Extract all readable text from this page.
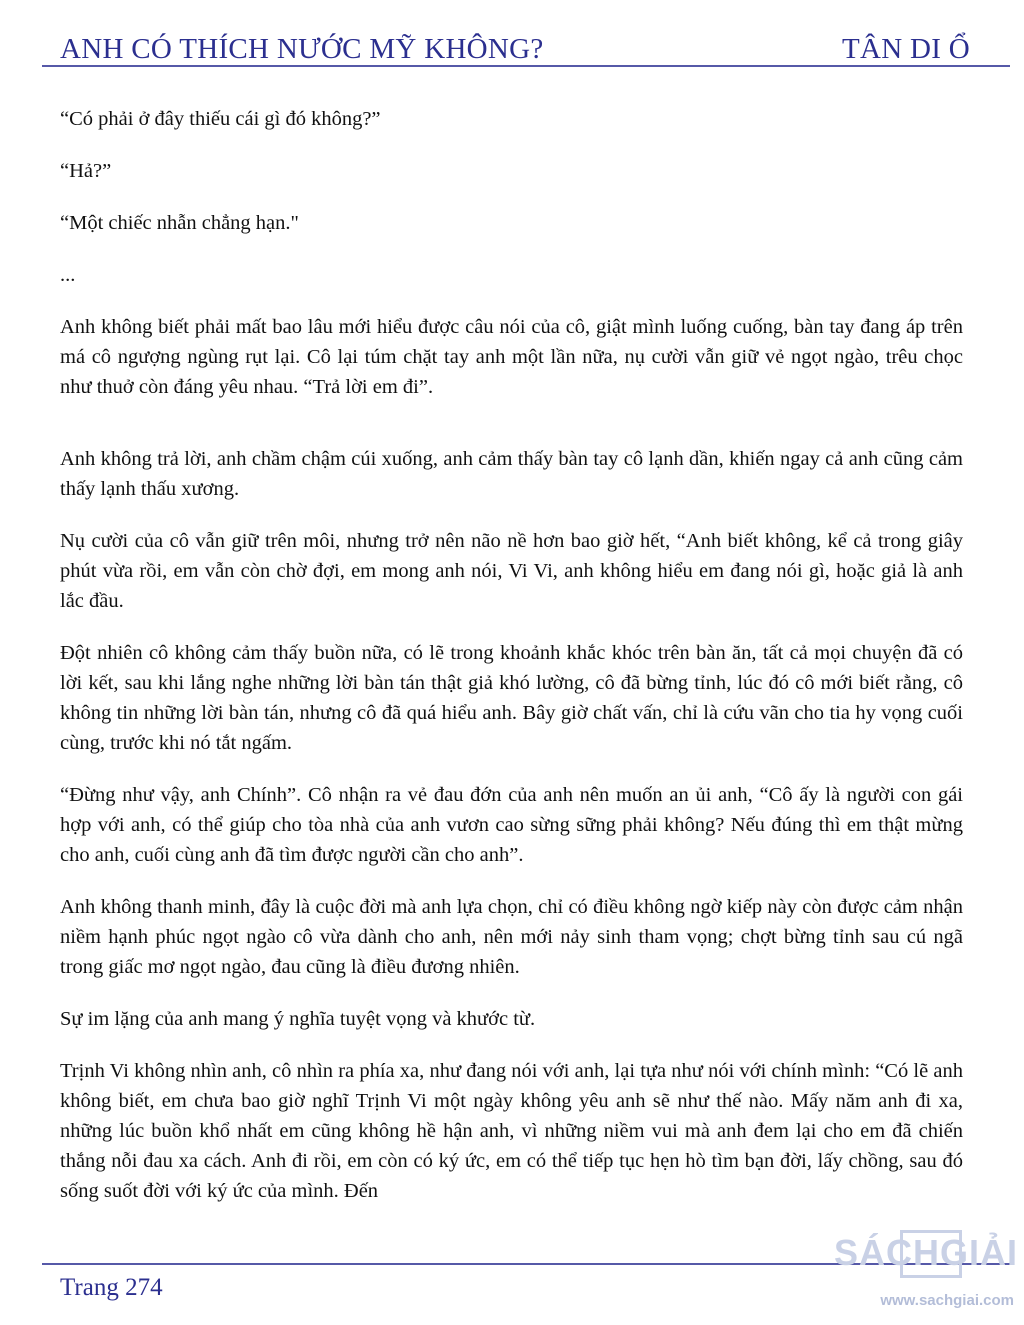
ANH CÓ THÍCH NƯỚC MỸ KHÔNG?	TÂN DI Ổ

“Có phải ở đây thiếu cái gì đó không?”

“Hả?”

“Một chiếc nhẫn chẳng hạn."

...

Anh không biết phải mất bao lâu mới hiểu được câu nói của cô, giật mình luống cuống, bàn tay đang áp trên má cô ngượng ngùng rụt lại. Cô lại túm chặt tay anh một lần nữa, nụ cười vẫn giữ vẻ ngọt ngào, trêu chọc như thuở còn đáng yêu nhau. “Trả lời em đi”.

Anh không trả lời, anh chầm chậm cúi xuống, anh cảm thấy bàn tay cô lạnh dần, khiến ngay cả anh cũng cảm thấy lạnh thấu xương.

Nụ cười của cô vẫn giữ trên môi, nhưng trở nên não nề hơn bao giờ hết, “Anh biết không, kể cả trong giây phút vừa rồi, em vẫn còn chờ đợi, em mong anh nói, Vi Vi, anh không hiểu em đang nói gì, hoặc giả là anh lắc đầu.

Đột nhiên cô không cảm thấy buồn nữa, có lẽ trong khoảnh khắc khóc trên bàn ăn, tất cả mọi chuyện đã có lời kết, sau khi lắng nghe những lời bàn tán thật giả khó lường, cô đã bừng tỉnh, lúc đó cô mới biết rằng, cô không tin những lời bàn tán, nhưng cô đã quá hiểu anh. Bây giờ chất vấn, chỉ là cứu vãn cho tia hy vọng cuối cùng, trước khi nó tắt ngấm.

“Đừng như vậy, anh Chính”. Cô nhận ra vẻ đau đớn của anh nên muốn an ủi anh, “Cô ấy là người con gái hợp với anh, có thể giúp cho tòa nhà của anh vươn cao sừng sững phải không? Nếu đúng thì em thật mừng cho anh, cuối cùng anh đã tìm được người cần cho anh”.

Anh không thanh minh, đây là cuộc đời mà anh lựa chọn, chỉ có điều không ngờ kiếp này còn được cảm nhận niềm hạnh phúc ngọt ngào cô vừa dành cho anh, nên mới nảy sinh tham vọng; chợt bừng tỉnh sau cú ngã trong giấc mơ ngọt ngào, đau cũng là điều đương nhiên.

Sự im lặng của anh mang ý nghĩa tuyệt vọng và khước từ.

Trịnh Vi không nhìn anh, cô nhìn ra phía xa, như đang nói với anh, lại tựa như nói với chính mình: “Có lẽ anh không biết, em chưa bao giờ nghĩ Trịnh Vi một ngày không yêu anh sẽ như thế nào. Mấy năm anh đi xa, những lúc buồn khổ nhất em cũng không hề hận anh, vì những niềm vui mà anh đem lại cho em đã chiến thắng nỗi đau xa cách. Anh đi rồi, em còn có ký ức, em có thể tiếp tục hẹn hò tìm bạn đời, lấy chồng, sau đó sống suốt đời với ký ức của mình. Đến

Trang 274
SÁCHGIẢI
www.sachgiai.com
